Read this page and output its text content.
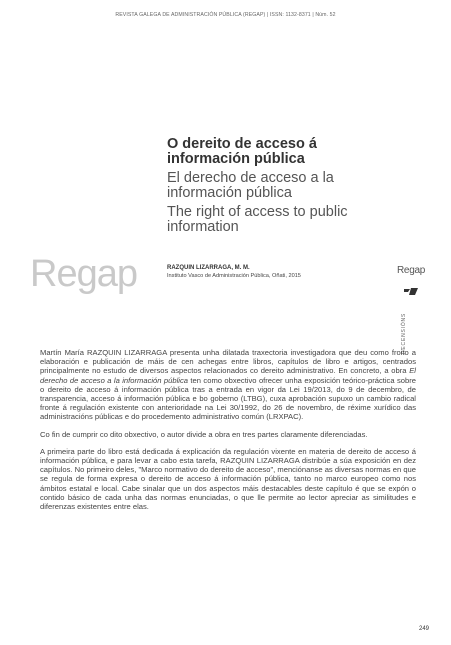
REVISTA GALEGA DE ADMINISTRACIÓN PÚBLICA (REGAP) | ISSN: 1132-8371 | Núm. 52

O dereito de acceso á información pública

El derecho de acceso a la información pública

The right of access to public information

Regap	RAZQUIN LIZARRAGA, M. M.
Instituto Vasco de Administración Pública, Oñati, 2015	Regap
RECENSIÓNS

Martín María RAZQUIN LIZARRAGA presenta unha dilatada traxectoria investigadora que deu como froito a elaboración e publicación de máis de cen achegas entre libros, capítulos de libro e artigos, centrados principalmente no estudo de diversos aspectos relacionados co dereito administrativo. En concreto, a obra El derecho de acceso a la información pública ten como obxectivo ofrecer unha exposición teórico-práctica sobre o dereito de acceso á información pública tras a entrada en vigor da Lei 19/2013, do 9 de decembro, de transparencia, acceso á información pública e bo goberno (LTBG), cuxa aprobación supuxo un cambio radical fronte á regulación existente con anterioridade na Lei 30/1992, do 26 de novembro, de réxime xurídico das administracións públicas e do procedemento administrativo común (LRXPAC).

Co fin de cumprir co dito obxectivo, o autor divide a obra en tres partes claramente diferenciadas.

A primeira parte do libro está dedicada á explicación da regulación vixente en materia de dereito de acceso á información pública, e para levar a cabo esta tarefa, RAZQUIN LIZARRAGA distribúe a súa exposición en dez capítulos. No primeiro deles, "Marco normativo do dereito de acceso", menciónanse as diversas normas en que se regula de forma expresa o dereito de acceso á información pública, tanto no marco europeo como nos ámbitos estatal e local. Cabe sinalar que un dos aspectos máis destacables deste capítulo é que se expón o contido básico de cada unha das normas enunciadas, o que lle permite ao lector apreciar as similitudes e diferenzas existentes entre elas.

249
